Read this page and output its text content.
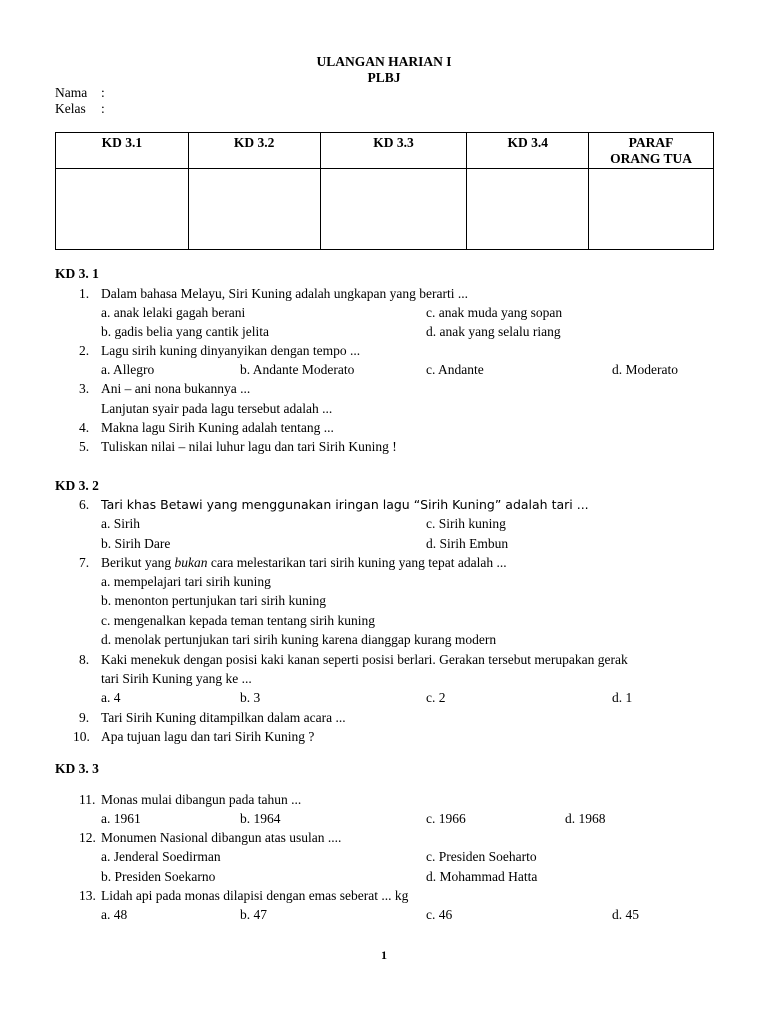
ULANGAN HARIAN I
PLBJ
Nama :
Kelas :
KD 3.1	KD 3.2	KD 3.3	KD 3.4	PARAF
ORANG TUA

KD 3. 1
1. Dalam bahasa Melayu, Siri Kuning adalah ungkapan yang berarti ...
a. anak lelaki gagah berani	c. anak muda yang sopan
b. gadis belia yang cantik jelita	d. anak yang selalu riang
2. Lagu sirih kuning dinyanyikan dengan tempo ...
a. Allegro	b. Andante Moderato	c. Andante	d. Moderato
3. Ani – ani nona bukannya ...
Lanjutan syair pada lagu tersebut adalah ...
4. Makna lagu Sirih Kuning adalah tentang ...
5. Tuliskan nilai – nilai luhur lagu dan tari Sirih Kuning !
KD 3. 2
6. Tari khas Betawi yang menggunakan iringan lagu “Sirih Kuning” adalah tari ...
a. Sirih	c. Sirih kuning
b. Sirih Dare	d. Sirih Embun
7. Berikut yang bukan cara melestarikan tari sirih kuning yang tepat adalah ...
a. mempelajari tari sirih kuning
b. menonton pertunjukan tari sirih kuning
c. mengenalkan kepada teman tentang sirih kuning
d. menolak pertunjukan tari sirih kuning karena dianggap kurang modern
8. Kaki menekuk dengan posisi kaki kanan seperti posisi berlari. Gerakan tersebut merupakan gerak
tari Sirih Kuning yang ke ...
a. 4	b. 3	c. 2	d. 1
9. Tari Sirih Kuning ditampilkan dalam acara ...
10. Apa tujuan lagu dan tari Sirih Kuning ?
KD 3. 3
11. Monas mulai dibangun pada tahun ...
a. 1961	b. 1964	c. 1966	d. 1968
12. Monumen Nasional dibangun atas usulan ....
a. Jenderal Soedirman	c. Presiden Soeharto
b. Presiden Soekarno	d. Mohammad Hatta
13. Lidah api pada monas dilapisi dengan emas seberat ... kg
a. 48	b. 47	c. 46	d. 45
1
